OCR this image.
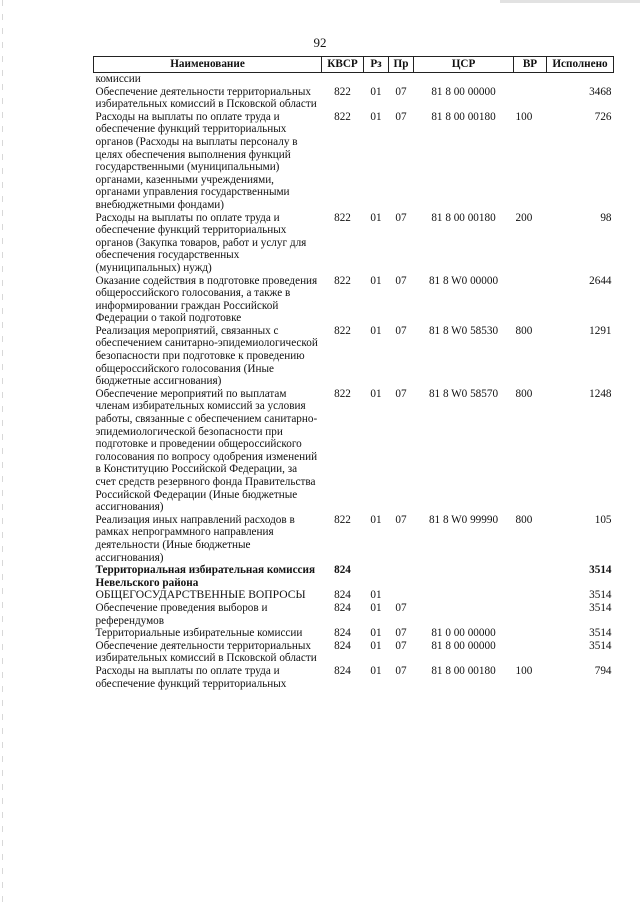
92
Наименование	КВСР	Рз	Пр	ЦСР	ВР	Исполнено
комиссии						
Обеспечение деятельности территориальных избирательных комиссий в Псковской области	822	01	07	81 8 00 00000		3468
Расходы на выплаты по оплате труда и обеспечение функций территориальных органов (Расходы на выплаты персоналу в целях обеспечения выполнения функций государственными (муниципальными) органами, казенными учреждениями, органами управления государственными внебюджетными фондами)	822	01	07	81 8 00 00180	100	726
Расходы на выплаты по оплате труда и обеспечение функций территориальных органов (Закупка товаров, работ и услуг для обеспечения государственных (муниципальных) нужд)	822	01	07	81 8 00 00180	200	98
Оказание содействия в подготовке проведения общероссийского голосования, а также в информировании граждан Российской Федерации о такой подготовке	822	01	07	81 8 W0 00000		2644
Реализация мероприятий, связанных с обеспечением санитарно-эпидемиологической безопасности при подготовке к проведению общероссийского голосования (Иные бюджетные ассигнования)	822	01	07	81 8 W0 58530	800	1291
Обеспечение мероприятий по выплатам членам избирательных комиссий за условия работы, связанные с обеспечением санитарно-эпидемиологической безопасности при подготовке и проведении общероссийского голосования по вопросу одобрения изменений в Конституцию Российской Федерации, за счет средств резервного фонда Правительства Российской Федерации (Иные бюджетные ассигнования)	822	01	07	81 8 W0 58570	800	1248
Реализация иных направлений расходов в рамках непрограммного направления деятельности (Иные бюджетные ассигнования)	822	01	07	81 8 W0 99990	800	105
Территориальная избирательная комиссия Невельского района	824					3514
ОБЩЕГОСУДАРСТВЕННЫЕ ВОПРОСЫ	824	01				3514
Обеспечение проведения выборов и референдумов	824	01	07			3514
Территориальные избирательные комиссии	824	01	07	81 0 00 00000		3514
Обеспечение деятельности территориальных избирательных комиссий в Псковской области	824	01	07	81 8 00 00000		3514
Расходы на выплаты по оплате труда и обеспечение функций территориальных	824	01	07	81 8 00 00180	100	794
